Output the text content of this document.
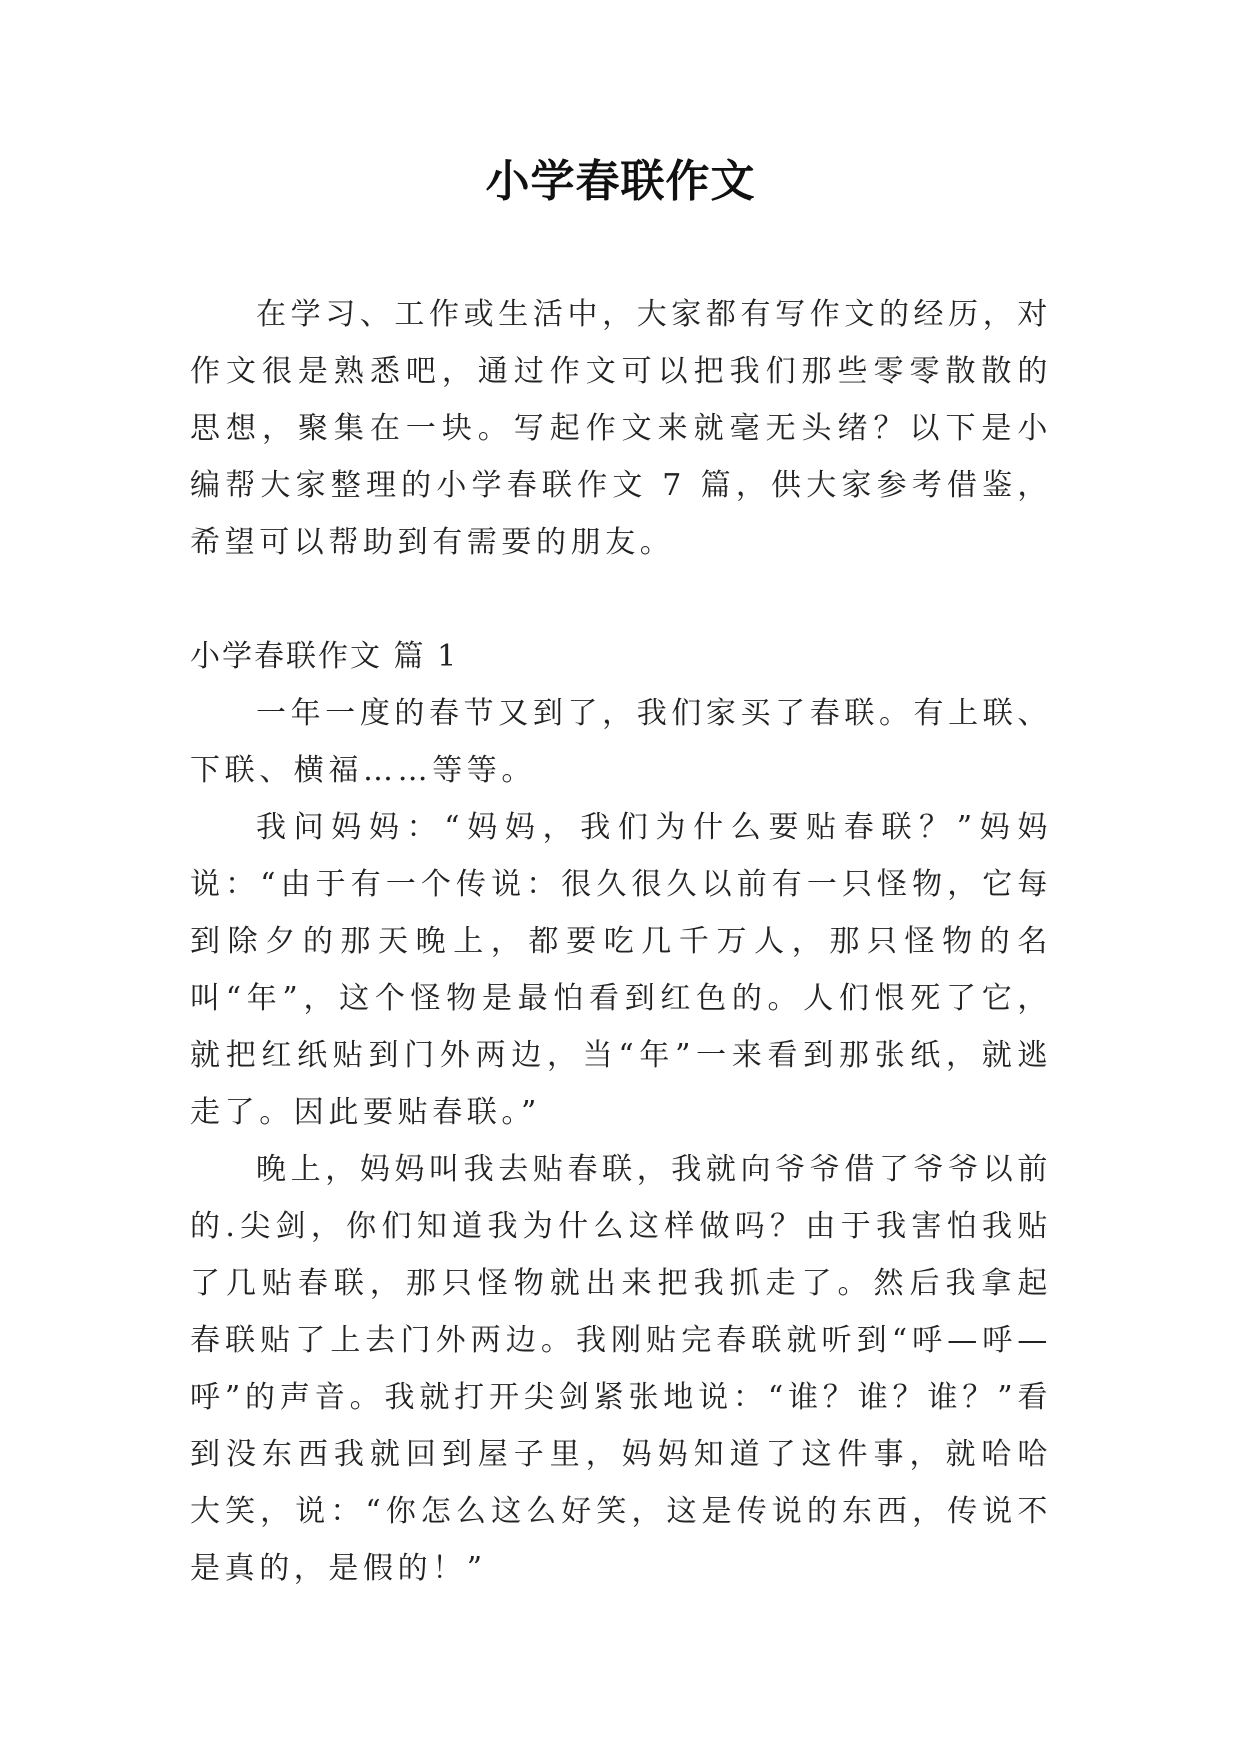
小学春联作文

在学习、工作或生活中，大家都有写作文的经历，对作文很是熟悉吧，通过作文可以把我们那些零零散散的思想，聚集在一块。写起作文来就毫无头绪？以下是小编帮大家整理的小学春联作文 7 篇，供大家参考借鉴，希望可以帮助到有需要的朋友。

小学春联作文 篇 1

一年一度的春节又到了，我们家买了春联。有上联、下联、横福……等等。

我问妈妈：“妈妈，我们为什么要贴春联？”妈妈说：“由于有一个传说：很久很久以前有一只怪物，它每到除夕的那天晚上，都要吃几千万人，那只怪物的名叫“年”，这个怪物是最怕看到红色的。人们恨死了它，就把红纸贴到门外两边，当“年”一来看到那张纸，就逃走了。因此要贴春联。”

晚上，妈妈叫我去贴春联，我就向爷爷借了爷爷以前的.尖剑，你们知道我为什么这样做吗？由于我害怕我贴了几贴春联，那只怪物就出来把我抓走了。然后我拿起春联贴了上去门外两边。我刚贴完春联就听到“呼—呼—呼”的声音。我就打开尖剑紧张地说：“谁？谁？谁？”看到没东西我就回到屋子里，妈妈知道了这件事，就哈哈大笑，说：“你怎么这么好笑，这是传说的东西，传说不是真的，是假的！”
